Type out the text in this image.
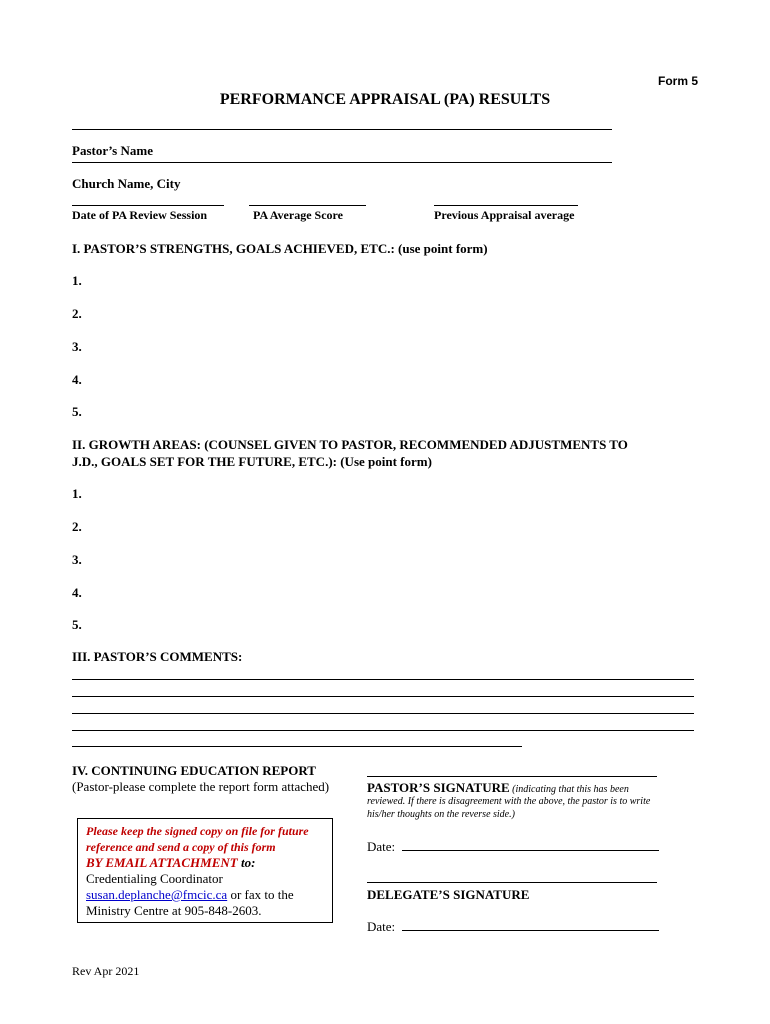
Form 5
PERFORMANCE APPRAISAL (PA) RESULTS
Pastor’s Name
Church Name, City
Date of PA Review Session	PA Average Score	Previous Appraisal average
I. PASTOR’S STRENGTHS, GOALS ACHIEVED, ETC.: (use point form)
1.
2.
3.
4.
5.
II. GROWTH AREAS: (COUNSEL GIVEN TO PASTOR, RECOMMENDED ADJUSTMENTS TO
J.D., GOALS SET FOR THE FUTURE, ETC.): (Use point form)
1.
2.
3.
4.
5.
III. PASTOR’S COMMENTS:
IV. CONTINUING EDUCATION REPORT
(Pastor-please complete the report form attached)
Please keep the signed copy on file for future
reference and send a copy of this form
BY EMAIL ATTACHMENT to:
Credentialing Coordinator
susan.deplanche@fmcic.ca or fax to the
Ministry Centre at 905-848-2603.
PASTOR’S SIGNATURE (indicating that this has been
reviewed. If there is disagreement with the above, the pastor is to write
his/her thoughts on the reverse side.)
Date:
DELEGATE’S SIGNATURE
Date:
Rev Apr 2021
